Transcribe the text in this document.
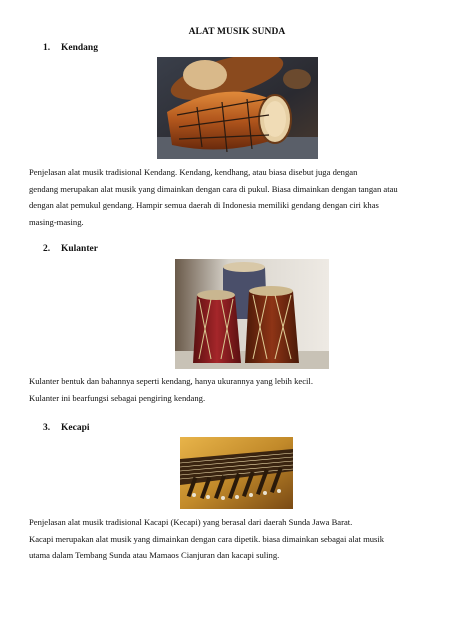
ALAT MUSIK SUNDA
1. Kendang
Penjelasan alat musik tradisional Kendang. Kendang, kendhang, atau biasa disebut juga dengan
gendang merupakan alat musik yang dimainkan dengan cara di pukul. Biasa dimainkan dengan tangan atau
dengan alat pemukul gendang. Hampir semua daerah di Indonesia memiliki gendang dengan ciri khas
masing-masing.
2. Kulanter
Kulanter bentuk dan bahannya seperti kendang, hanya ukurannya yang lebih kecil.
Kulanter ini bearfungsi sebagai pengiring kendang.
3. Kecapi
Penjelasan alat musik tradisional Kacapi (Kecapi) yang berasal dari daerah Sunda Jawa Barat.
Kacapi merupakan alat musik yang dimainkan dengan cara dipetik. biasa dimainkan sebagai alat musik
utama dalam Tembang Sunda atau Mamaos Cianjuran dan kacapi suling.
